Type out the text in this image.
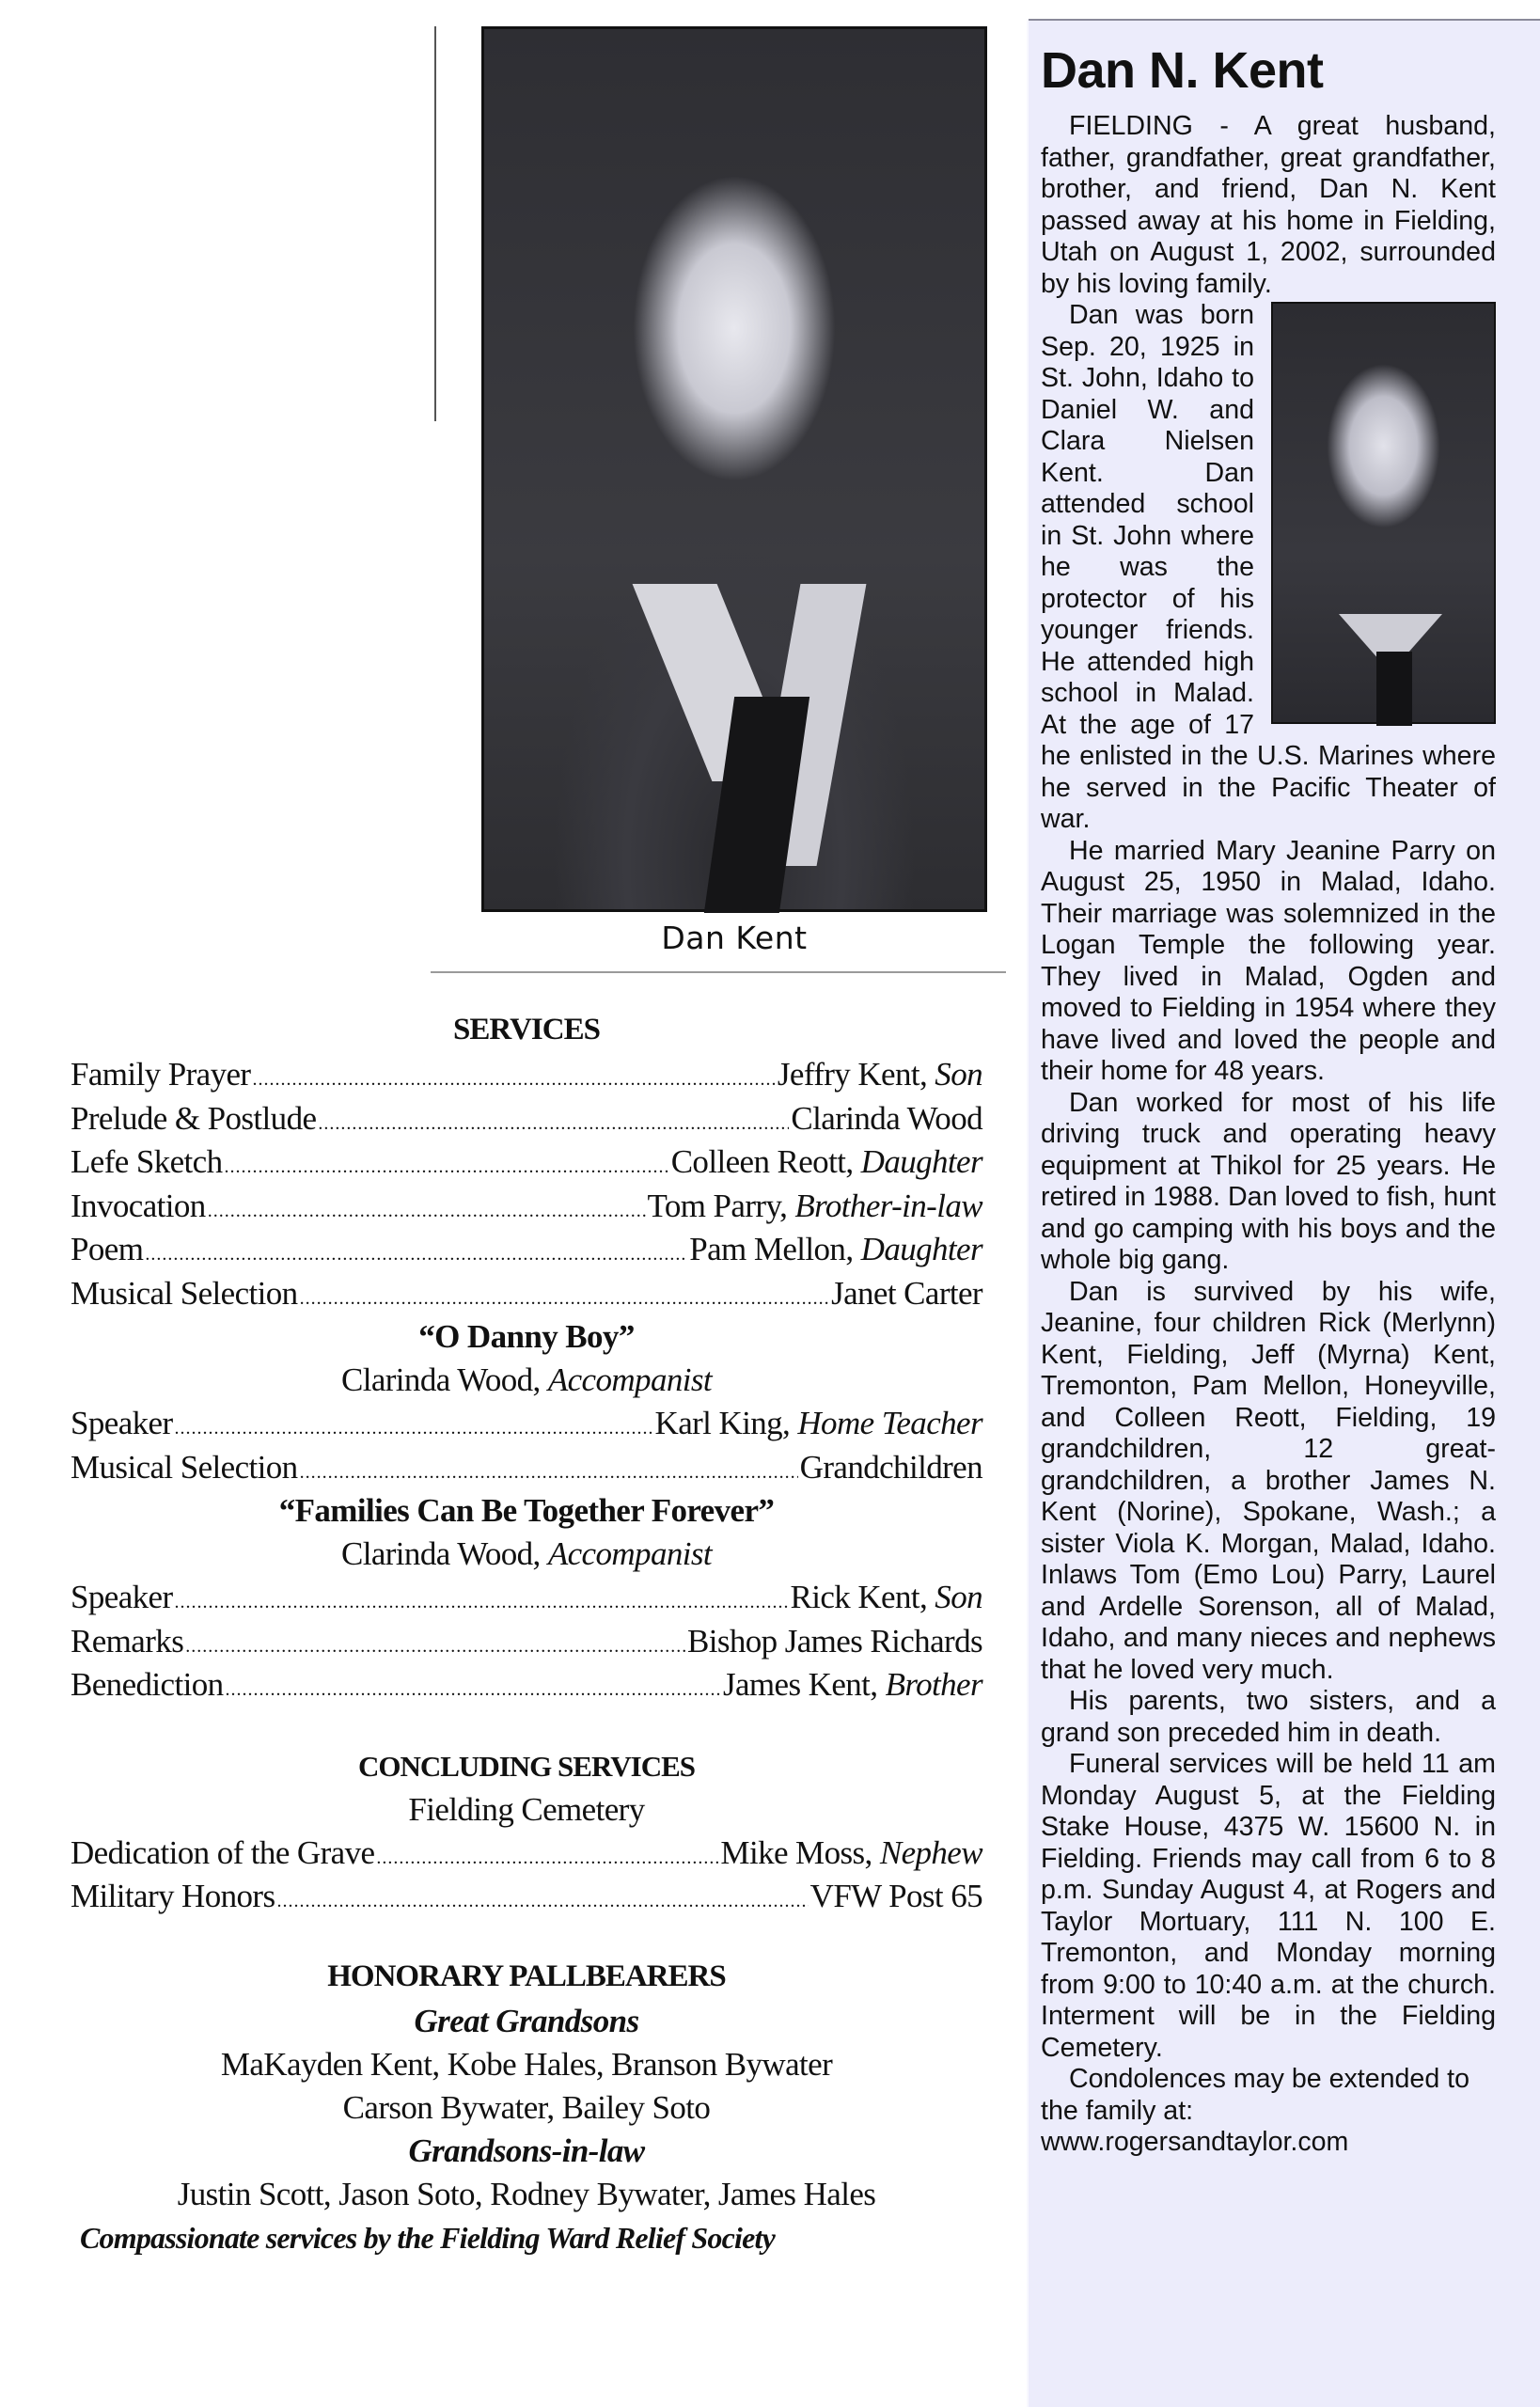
Dan Kent
SERVICES
Family Prayer .....	Jeffry Kent, Son
Prelude & Postlude .....	Clarinda Wood
Lefe Sketch .....	Colleen Reott, Daughter
Invocation .....	Tom Parry, Brother-in-law
Poem .....	Pam Mellon, Daughter
Musical Selection .....	Janet Carter
“O Danny Boy”
Clarinda Wood, Accompanist
Speaker .....	Karl King, Home Teacher
Musical Selection .....	Grandchildren
“Families Can Be Together Forever”
Clarinda Wood, Accompanist
Speaker .....	Rick Kent, Son
Remarks .....	Bishop James Richards
Benediction .....	James Kent, Brother
CONCLUDING SERVICES
Fielding Cemetery
Dedication of the Grave .....	Mike Moss, Nephew
Military Honors .....	VFW Post 65
HONORARY PALLBEARERS
Great Grandsons
MaKayden Kent, Kobe Hales, Branson Bywater
Carson Bywater, Bailey Soto
Grandsons-in-law
Justin Scott, Jason Soto, Rodney Bywater, James Hales
Compassionate services by the Fielding Ward Relief Society
Dan N. Kent

FIELDING - A great husband, father, grandfather, great grandfather, brother, and friend, Dan N. Kent passed away at his home in Fielding, Utah on August 1, 2002, surrounded by his loving family.

Dan was born Sep. 20, 1925 in St. John, Idaho to Daniel W. and Clara Nielsen Kent. Dan attended school in St. John where he was the protector of his younger friends. He attended high school in Malad. At the age of 17 he enlisted in the U.S. Marines where he served in the Pacific Theater of war.

He married Mary Jeanine Parry on August 25, 1950 in Malad, Idaho. Their marriage was solemnized in the Logan Temple the following year. They lived in Malad, Ogden and moved to Fielding in 1954 where they have lived and loved the people and their home for 48 years.

Dan worked for most of his life driving truck and operating heavy equipment at Thikol for 25 years. He retired in 1988. Dan loved to fish, hunt and go camping with his boys and the whole big gang.

Dan is survived by his wife, Jeanine, four children Rick (Merlynn) Kent, Fielding, Jeff (Myrna) Kent, Tremonton, Pam Mellon, Honeyville, and Colleen Reott, Fielding, 19 grandchildren, 12 great-grandchildren, a brother James N. Kent (Norine), Spokane, Wash.; a sister Viola K. Morgan, Malad, Idaho. Inlaws Tom (Emo Lou) Parry, Laurel and Ardelle Sorenson, all of Malad, Idaho, and many nieces and nephews that he loved very much.

His parents, two sisters, and a grand son preceded him in death.

Funeral services will be held 11 am Monday August 5, at the Fielding Stake House, 4375 W. 15600 N. in Fielding. Friends may call from 6 to 8 p.m. Sunday August 4, at Rogers and Taylor Mortuary, 111 N. 100 E. Tremonton, and Monday morning from 9:00 to 10:40 a.m. at the church. Interment will be in the Fielding Cemetery.

Condolences may be extended to the family at: www.rogersandtaylor.com
